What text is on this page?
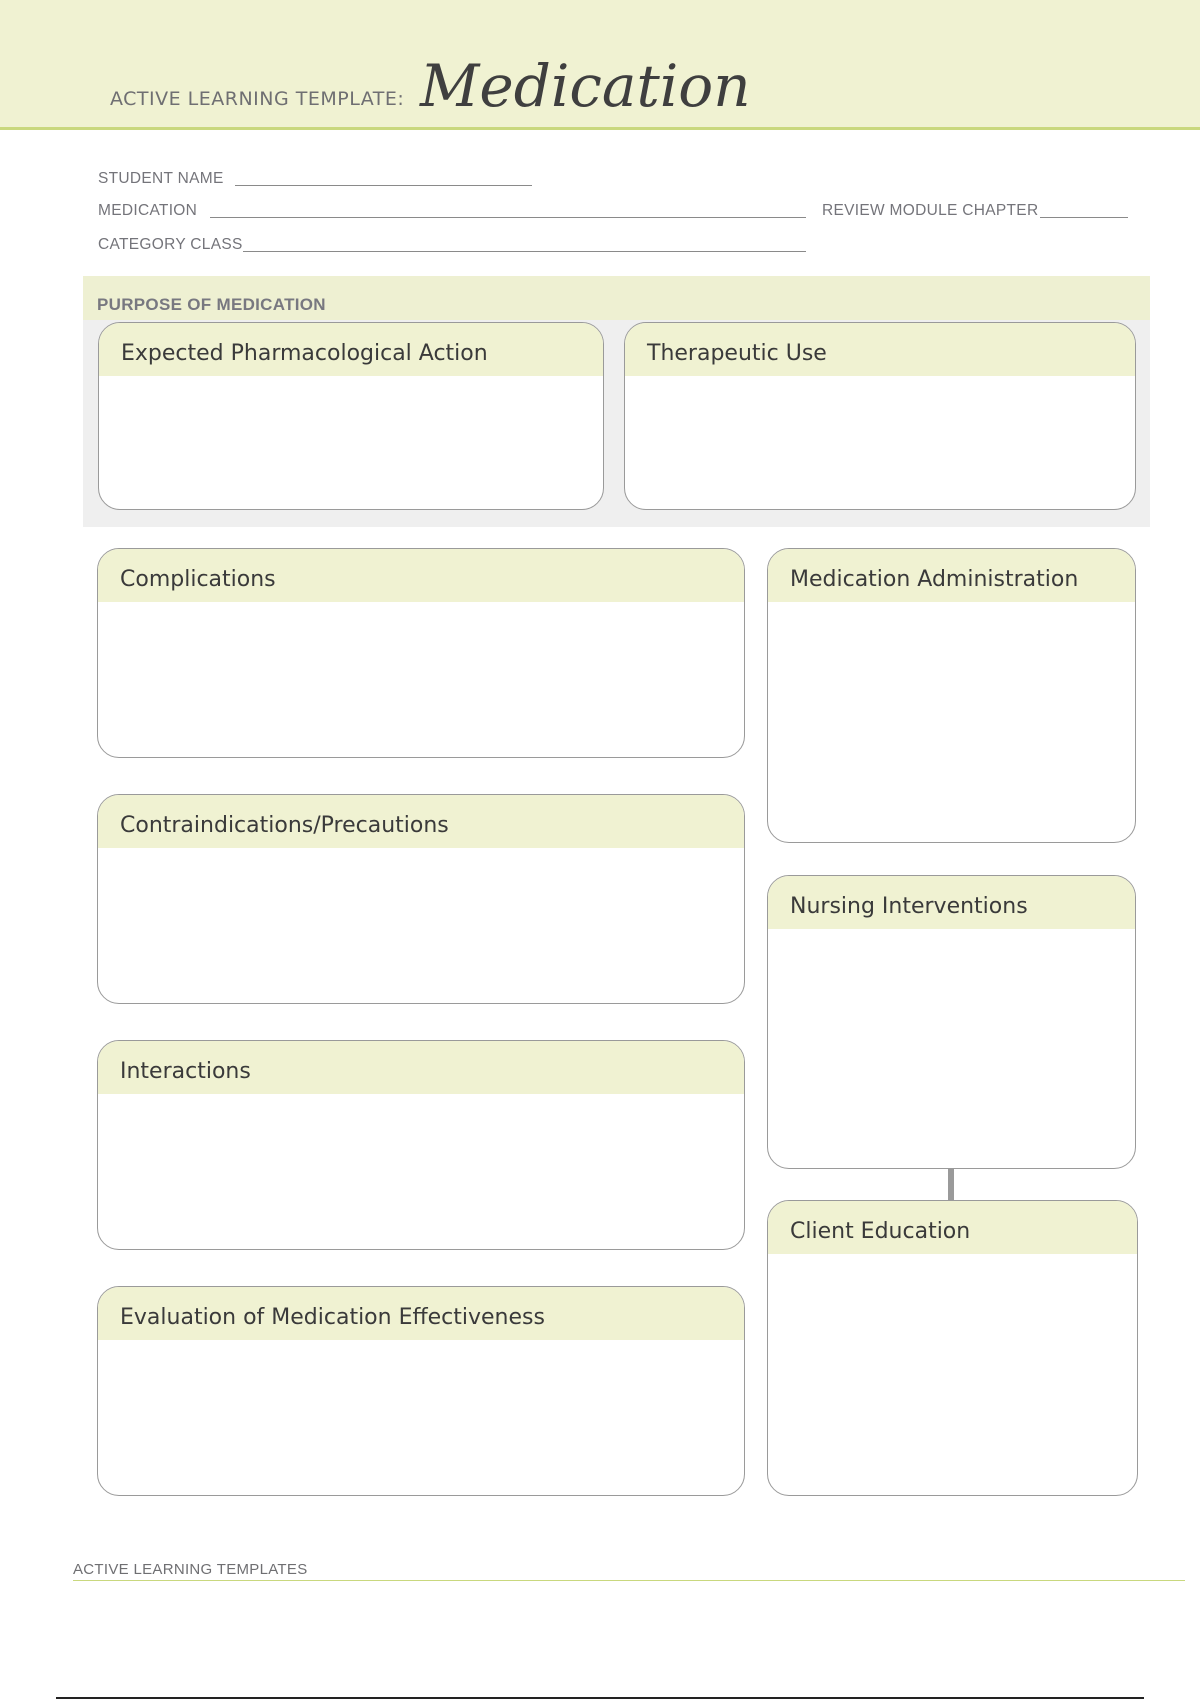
ACTIVE LEARNING TEMPLATE: Medication
STUDENT NAME
MEDICATION	REVIEW MODULE CHAPTER
CATEGORY CLASS
PURPOSE OF MEDICATION
Expected Pharmacological Action	Therapeutic Use
Complications
Contraindications/Precautions
Interactions
Evaluation of Medication Effectiveness
Medication Administration
Nursing Interventions
Client Education
ACTIVE LEARNING TEMPLATES
